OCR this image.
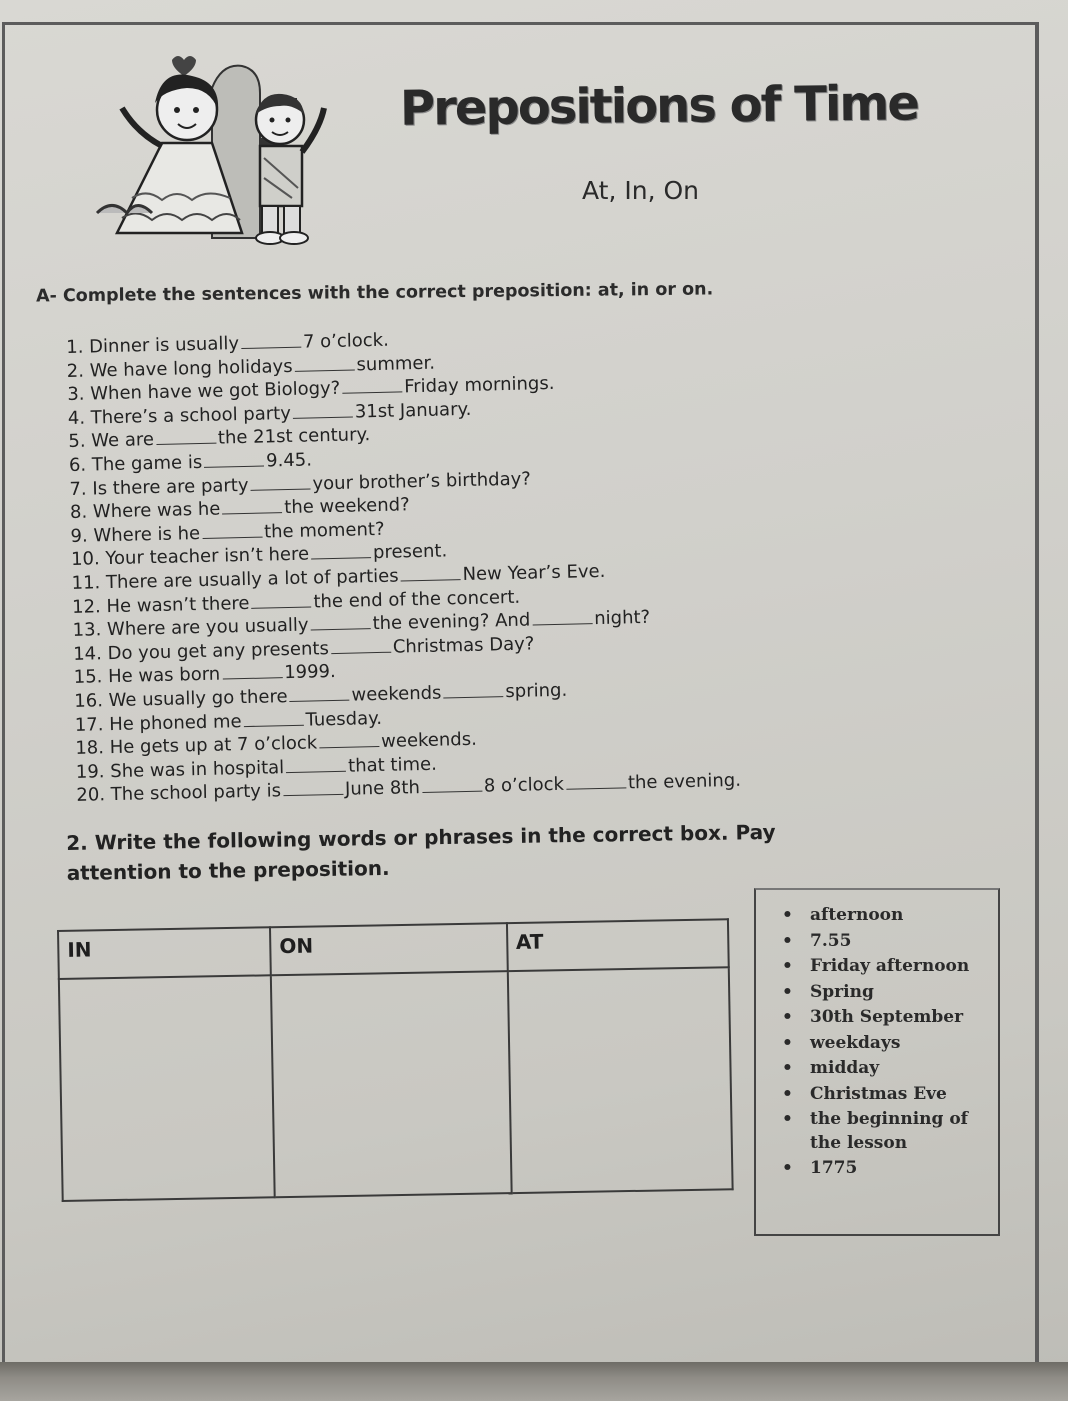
Prepositions of Time
At, In, On
A- Complete the sentences with the correct preposition: at, in or on.
1. Dinner is usually	7 o’clock.
2. We have long holidays	summer.
3. When have we got Biology?	Friday mornings.
4. There’s a school party	31st January.
5. We are	the 21st century.
6. The game is	9.45.
7. Is there are party	your brother’s birthday?
8. Where was he	the weekend?
9. Where is he	the moment?
10. Your teacher isn’t here	present.
11. There are usually a lot of parties	New Year’s Eve.
12. He wasn’t there	the end of the concert.
13. Where are you usually	the evening? And	night?
14. Do you get any presents	Christmas Day?
15. He was born	1999.
16. We usually go there	weekends	spring.
17. He phoned me	Tuesday.
18. He gets up at 7 o’clock	weekends.
19. She was in hospital	that time.
20. The school party is	June 8th	8 o’clock	the evening.
2. Write the following words or phrases in the correct box. Pay
attention to the preposition.
IN	ON	AT

• afternoon
• 7.55
• Friday afternoon
• Spring
• 30th September
• weekdays
• midday
• Christmas Eve
• the beginning of the lesson
• 1775
